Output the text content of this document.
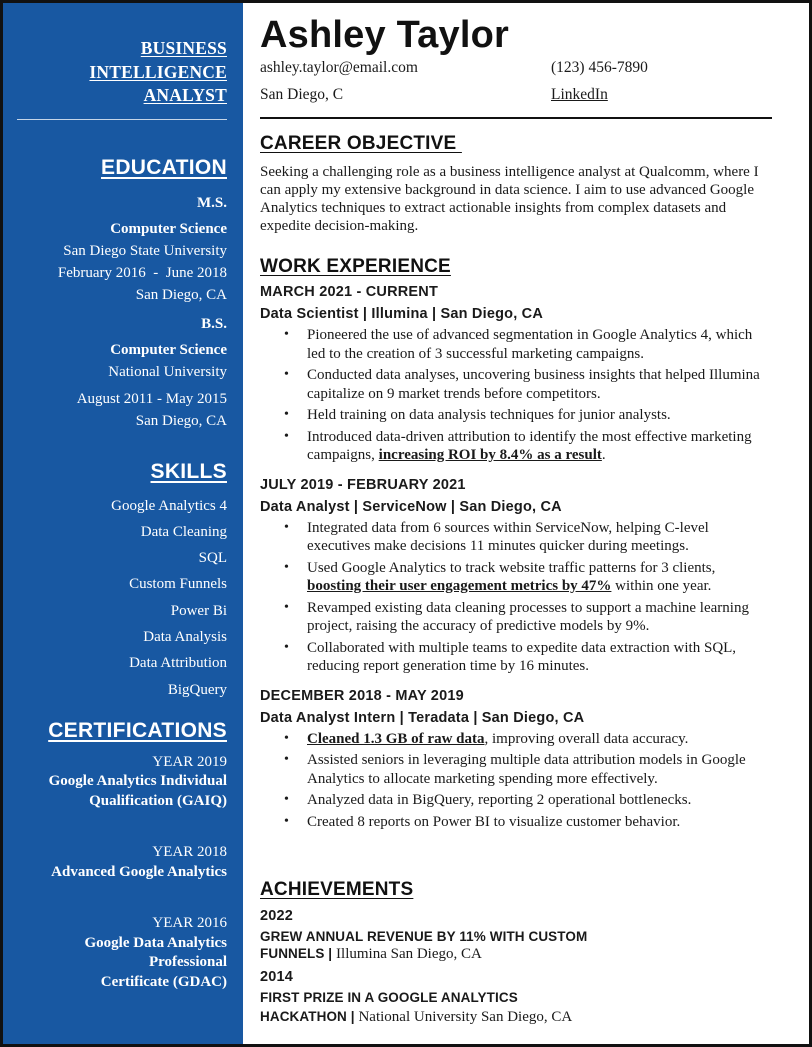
BUSINESS
INTELLIGENCE
ANALYST
EDUCATION
M.S.
Computer Science
San Diego State University
February 2016  -  June 2018
San Diego, CA
B.S.
Computer Science
National University
August 2011 - May 2015
San Diego, CA
SKILLS
Google Analytics 4
Data Cleaning
SQL
Custom Funnels
Power Bi
Data Analysis
Data Attribution
BigQuery
CERTIFICATIONS
YEAR 2019
Google Analytics Individual
Qualification (GAIQ)
YEAR 2018
Advanced Google Analytics
YEAR 2016
Google Data Analytics
Professional
Certificate (GDAC)
Ashley Taylor
ashley.taylor@email.com	(123) 456-7890
San Diego, C	LinkedIn
CAREER OBJECTIVE
Seeking a challenging role as a business intelligence analyst at Qualcomm, where I can apply my extensive background in data science. I aim to use advanced Google Analytics techniques to extract actionable insights from complex datasets and expedite decision-making.
WORK EXPERIENCE
MARCH 2021 - CURRENT
Data Scientist | Illumina | San Diego, CA
• Pioneered the use of advanced segmentation in Google Analytics 4, which led to the creation of 3 successful marketing campaigns.
• Conducted data analyses, uncovering business insights that helped Illumina capitalize on 9 market trends before competitors.
• Held training on data analysis techniques for junior analysts.
• Introduced data-driven attribution to identify the most effective marketing campaigns, increasing ROI by 8.4% as a result.
JULY 2019 - FEBRUARY 2021
Data Analyst | ServiceNow | San Diego, CA
• Integrated data from 6 sources within ServiceNow, helping C-level executives make decisions 11 minutes quicker during meetings.
• Used Google Analytics to track website traffic patterns for 3 clients, boosting their user engagement metrics by 47% within one year.
• Revamped existing data cleaning processes to support a machine learning project, raising the accuracy of predictive models by 9%.
• Collaborated with multiple teams to expedite data extraction with SQL, reducing report generation time by 16 minutes.
DECEMBER 2018 - MAY 2019
Data Analyst Intern | Teradata | San Diego, CA
• Cleaned 1.3 GB of raw data, improving overall data accuracy.
• Assisted seniors in leveraging multiple data attribution models in Google Analytics to allocate marketing spending more effectively.
• Analyzed data in BigQuery, reporting 2 operational bottlenecks.
• Created 8 reports on Power BI to visualize customer behavior.
ACHIEVEMENTS
2022
GREW ANNUAL REVENUE BY 11% WITH CUSTOM
FUNNELS | Illumina San Diego, CA
2014
FIRST PRIZE IN A GOOGLE ANALYTICS
HACKATHON | National University San Diego, CA
